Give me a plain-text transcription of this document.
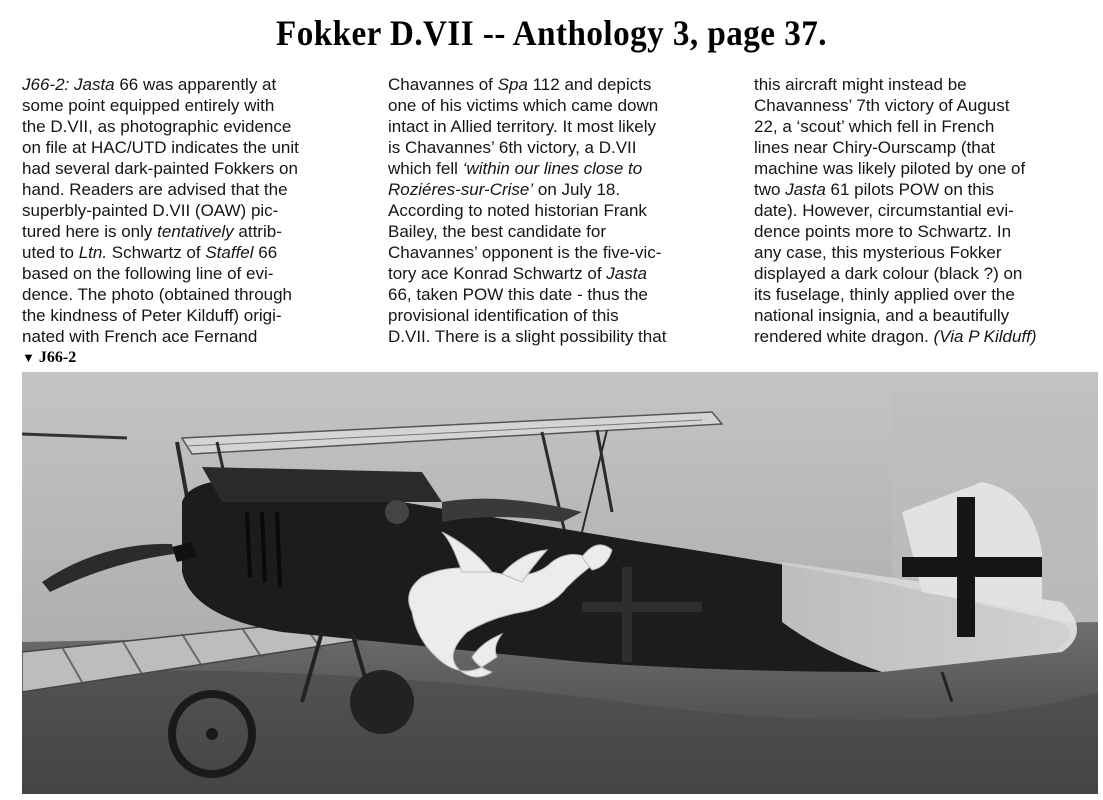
Fokker D.VII -- Anthology 3, page 37.
J66-2: Jasta 66 was apparently at
some point equipped entirely with
the D.VII, as photographic evidence
on file at HAC/UTD indicates the unit
had several dark-painted Fokkers on
hand. Readers are advised that the
superbly-painted D.VII (OAW) pic-
tured here is only tentatively attrib-
uted to Ltn. Schwartz of Staffel 66
based on the following line of evi-
dence. The photo (obtained through
the kindness of Peter Kilduff) origi-
nated with French ace Fernand
Chavannes of Spa 112 and depicts
one of his victims which came down
intact in Allied territory. It most likely
is Chavannes’ 6th victory, a D.VII
which fell ‘within our lines close to
Roziéres-sur-Crise’ on July 18.
According to noted historian Frank
Bailey, the best candidate for
Chavannes’ opponent is the five-vic-
tory ace Konrad Schwartz of Jasta
66, taken POW this date - thus the
provisional identification of this
D.VII. There is a slight possibility that
this aircraft might instead be
Chavanness’ 7th victory of August
22, a ‘scout’ which fell in French
lines near Chiry-Ourscamp (that
machine was likely piloted by one of
two Jasta 61 pilots POW on this
date). However, circumstantial evi-
dence points more to Schwartz. In
any case, this mysterious Fokker
displayed a dark colour (black ?) on
its fuselage, thinly applied over the
national insignia, and a beautifully
rendered white dragon. (Via P Kilduff)
▼ J66-2
